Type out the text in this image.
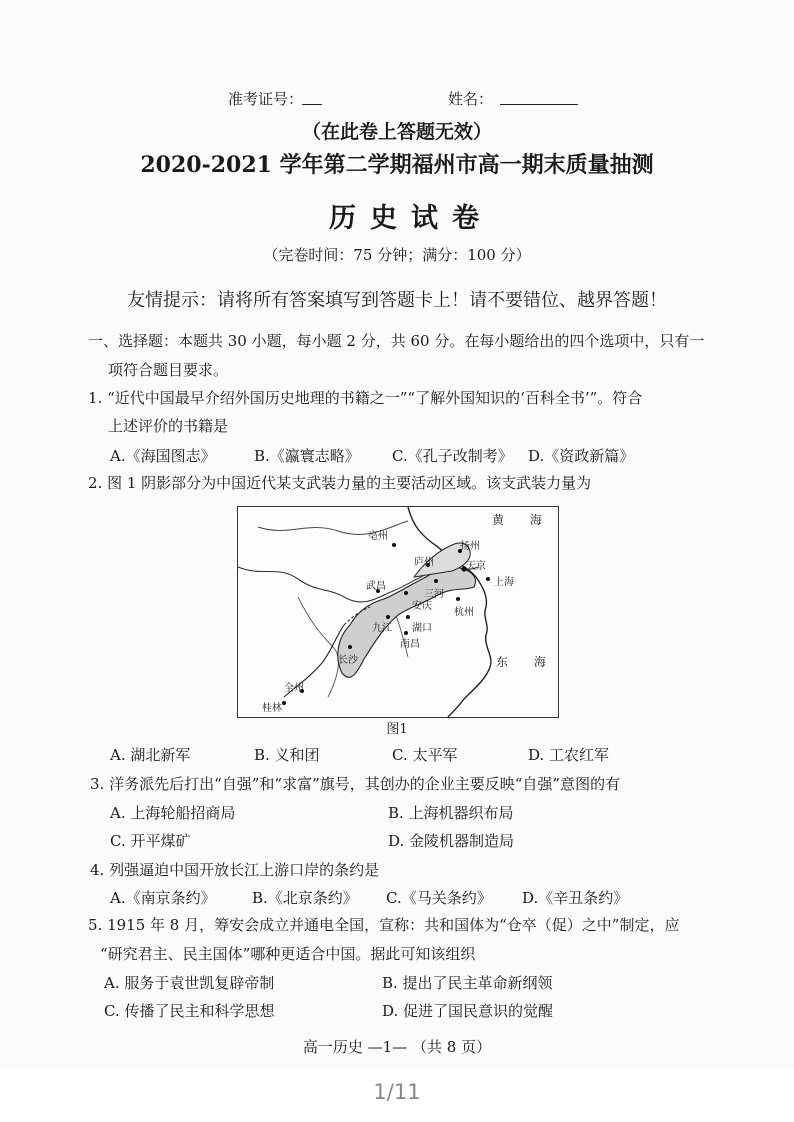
准考证号：	姓名：
（在此卷上答题无效）
2020-2021 学年第二学期福州市高一期末质量抽测
历史试卷
（完卷时间：75 分钟；满分：100 分）
友情提示：请将所有答案填写到答题卡上！请不要错位、越界答题！
一、选择题：本题共 30 小题，每小题 2 分，共 60 分。在每小题给出的四个选项中，只有一
项符合题目要求。
1. “近代中国最早介绍外国历史地理的书籍之一”“了解外国知识的‘百科全书’”。符合
上述评价的书籍是
A.《海国图志》	B.《瀛寰志略》 C.《孔子改制考》 D.《资政新篇》
2. 图 1 阴影部分为中国近代某支武装力量的主要活动区域。该支武装力量为
黄 海
东 海
亳州
扬州
庐州	天京
三河
上海
安庆
杭州
武昌
九江 湖口
南昌
长沙
全州
桂林
图1
A. 湖北新军	B. 义和团	C. 太平军	D. 工农红军
3. 洋务派先后打出“自强”和“求富”旗号，其创办的企业主要反映“自强”意图的有
A. 上海轮船招商局	B. 上海机器织布局
C. 开平煤矿	D. 金陵机器制造局
4. 列强逼迫中国开放长江上游口岸的条约是
A.《南京条约》 B.《北京条约》 C.《马关条约》 D.《辛丑条约》
5. 1915 年 8 月，筹安会成立并通电全国，宣称：共和国体为“仓卒（促）之中”制定，应
“研究君主、民主国体”哪种更适合中国。据此可知该组织
A. 服务于袁世凯复辟帝制	B. 提出了民主革命新纲领
C. 传播了民主和科学思想	D. 促进了国民意识的觉醒
高一历史 —1— （共 8 页）
1/11
